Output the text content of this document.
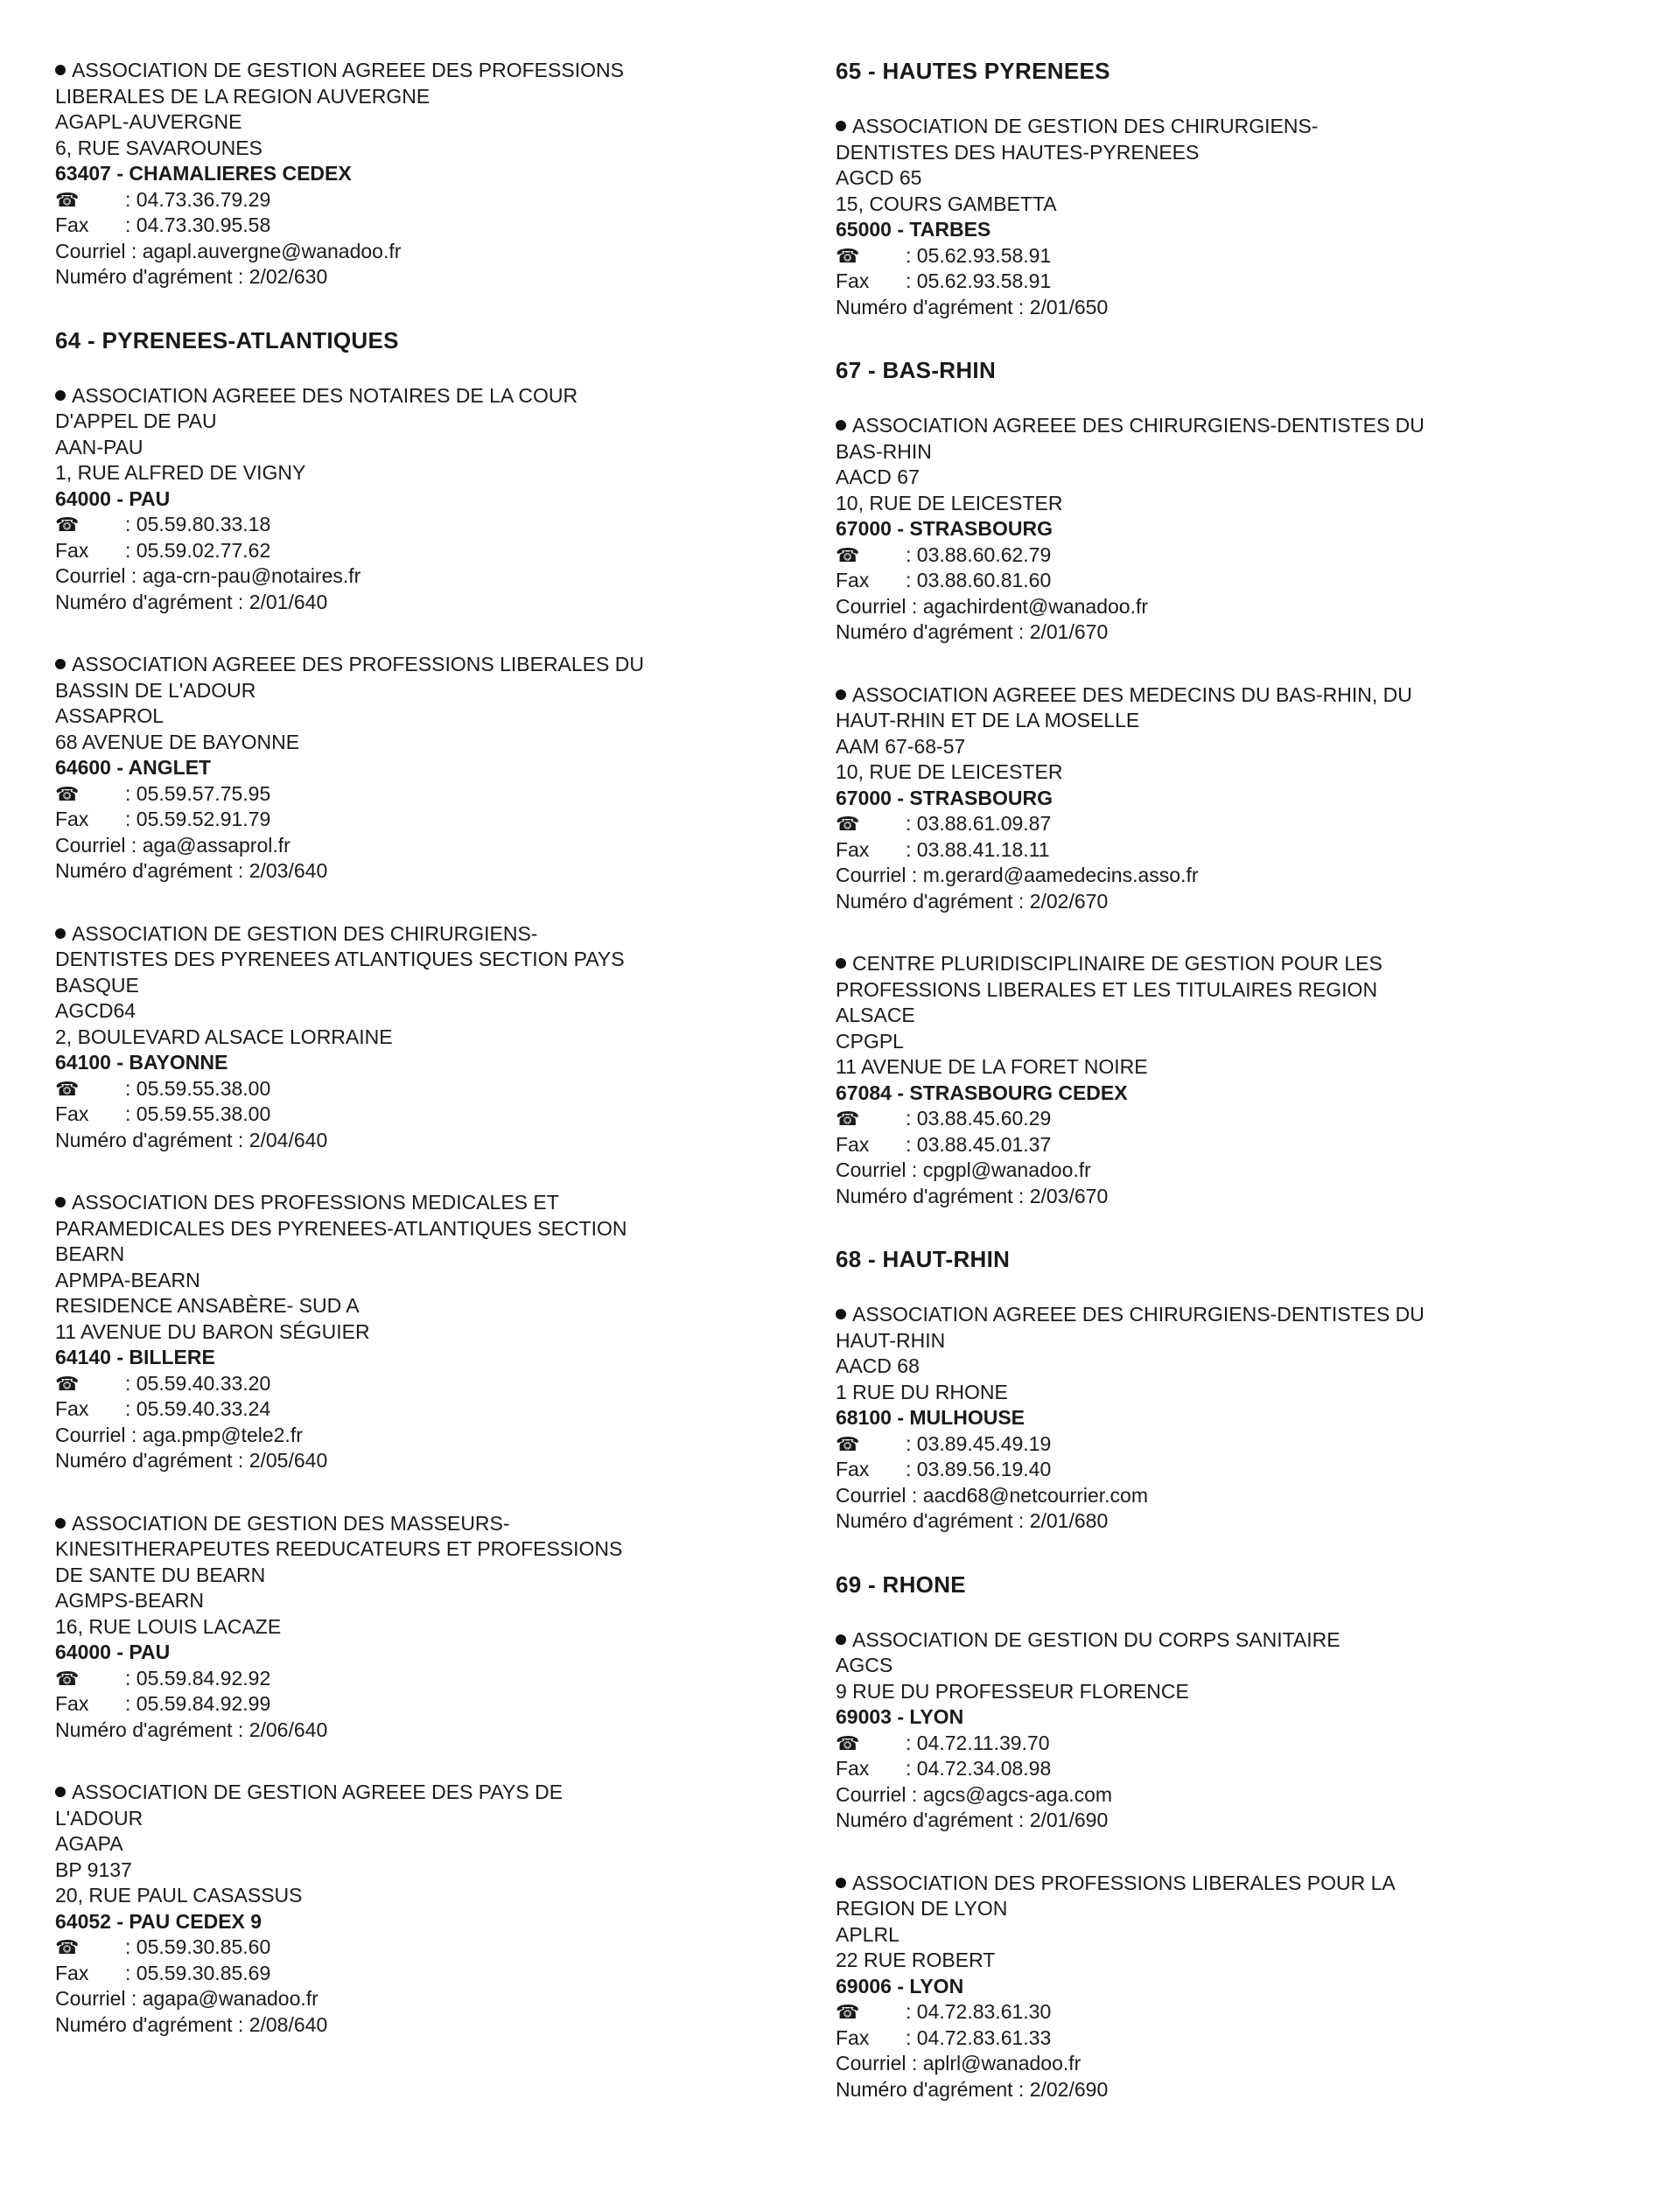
ASSOCIATION DE GESTION AGREEE DES PROFESSIONS
LIBERALES DE LA REGION AUVERGNE
AGAPL-AUVERGNE
6, RUE SAVAROUNES
63407 - CHAMALIERES CEDEX
☎ : 04.73.36.79.29
Fax : 04.73.30.95.58
Courriel : agapl.auvergne@wanadoo.fr
Numéro d'agrément : 2/02/630
64 - PYRENEES-ATLANTIQUES
ASSOCIATION AGREEE DES NOTAIRES DE LA COUR
D'APPEL DE PAU
AAN-PAU
1, RUE ALFRED DE VIGNY
64000 - PAU
☎ : 05.59.80.33.18
Fax : 05.59.02.77.62
Courriel : aga-crn-pau@notaires.fr
Numéro d'agrément : 2/01/640
ASSOCIATION AGREEE DES PROFESSIONS LIBERALES DU
BASSIN DE L'ADOUR
ASSAPROL
68 AVENUE DE BAYONNE
64600 - ANGLET
☎ : 05.59.57.75.95
Fax : 05.59.52.91.79
Courriel : aga@assaprol.fr
Numéro d'agrément : 2/03/640
ASSOCIATION DE GESTION DES CHIRURGIENS-
DENTISTES DES PYRENEES ATLANTIQUES SECTION PAYS
BASQUE
AGCD64
2, BOULEVARD ALSACE LORRAINE
64100 - BAYONNE
☎ : 05.59.55.38.00
Fax : 05.59.55.38.00
Numéro d'agrément : 2/04/640
ASSOCIATION DES PROFESSIONS MEDICALES ET
PARAMEDICALES DES PYRENEES-ATLANTIQUES SECTION
BEARN
APMPA-BEARN
RESIDENCE ANSABÈRE- SUD A
11 AVENUE DU BARON SÉGUIER
64140 - BILLERE
☎ : 05.59.40.33.20
Fax : 05.59.40.33.24
Courriel : aga.pmp@tele2.fr
Numéro d'agrément : 2/05/640
ASSOCIATION DE GESTION DES MASSEURS-
KINESITHERAPEUTES REEDUCATEURS ET PROFESSIONS
DE SANTE DU BEARN
AGMPS-BEARN
16, RUE LOUIS LACAZE
64000 - PAU
☎ : 05.59.84.92.92
Fax : 05.59.84.92.99
Numéro d'agrément : 2/06/640
ASSOCIATION DE GESTION AGREEE DES PAYS DE
L'ADOUR
AGAPA
BP 9137
20, RUE PAUL CASASSUS
64052 - PAU CEDEX 9
☎ : 05.59.30.85.60
Fax : 05.59.30.85.69
Courriel : agapa@wanadoo.fr
Numéro d'agrément : 2/08/640
65 - HAUTES PYRENEES
ASSOCIATION DE GESTION DES CHIRURGIENS-
DENTISTES DES HAUTES-PYRENEES
AGCD 65
15, COURS GAMBETTA
65000 - TARBES
☎ : 05.62.93.58.91
Fax : 05.62.93.58.91
Numéro d'agrément : 2/01/650
67 - BAS-RHIN
ASSOCIATION AGREEE DES CHIRURGIENS-DENTISTES DU
BAS-RHIN
AACD 67
10, RUE DE LEICESTER
67000 - STRASBOURG
☎ : 03.88.60.62.79
Fax : 03.88.60.81.60
Courriel : agachirdent@wanadoo.fr
Numéro d'agrément : 2/01/670
ASSOCIATION AGREEE DES MEDECINS DU BAS-RHIN, DU
HAUT-RHIN ET DE LA MOSELLE
AAM 67-68-57
10, RUE DE LEICESTER
67000 - STRASBOURG
☎ : 03.88.61.09.87
Fax : 03.88.41.18.11
Courriel : m.gerard@aamedecins.asso.fr
Numéro d'agrément : 2/02/670
CENTRE PLURIDISCIPLINAIRE DE GESTION POUR LES
PROFESSIONS LIBERALES ET LES TITULAIRES REGION
ALSACE
CPGPL
11 AVENUE DE LA FORET NOIRE
67084 - STRASBOURG CEDEX
☎ : 03.88.45.60.29
Fax : 03.88.45.01.37
Courriel : cpgpl@wanadoo.fr
Numéro d'agrément : 2/03/670
68 - HAUT-RHIN
ASSOCIATION AGREEE DES CHIRURGIENS-DENTISTES DU
HAUT-RHIN
AACD 68
1 RUE DU RHONE
68100 - MULHOUSE
☎ : 03.89.45.49.19
Fax : 03.89.56.19.40
Courriel : aacd68@netcourrier.com
Numéro d'agrément : 2/01/680
69 - RHONE
ASSOCIATION DE GESTION DU CORPS SANITAIRE
AGCS
9 RUE DU PROFESSEUR FLORENCE
69003 - LYON
☎ : 04.72.11.39.70
Fax : 04.72.34.08.98
Courriel : agcs@agcs-aga.com
Numéro d'agrément : 2/01/690
ASSOCIATION DES PROFESSIONS LIBERALES POUR LA
REGION DE LYON
APLRL
22 RUE ROBERT
69006 - LYON
☎ : 04.72.83.61.30
Fax : 04.72.83.61.33
Courriel : aplrl@wanadoo.fr
Numéro d'agrément : 2/02/690
